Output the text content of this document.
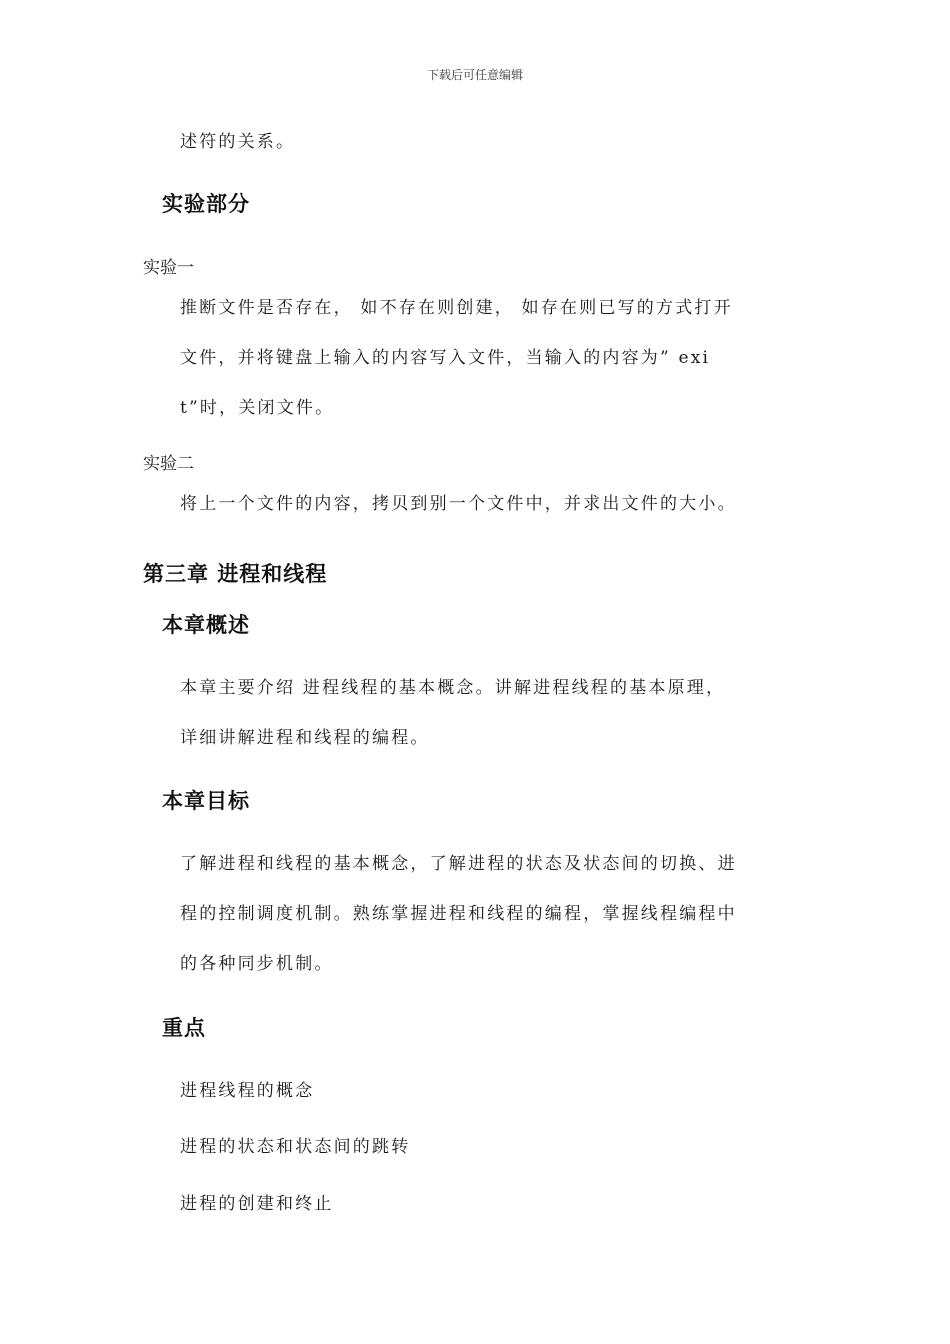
下载后可任意编辑
述符的关系。
实验部分
实验一
推断文件是否存在， 如不存在则创建， 如存在则已写的方式打开
文件，并将键盘上输入的内容写入文件，当输入的内容为” exi
t”时，关闭文件。
实验二
将上一个文件的内容，拷贝到别一个文件中，并求出文件的大小。
第三章 进程和线程
本章概述
本章主要介绍 进程线程的基本概念。讲解进程线程的基本原理，
详细讲解进程和线程的编程。
本章目标
了解进程和线程的基本概念，了解进程的状态及状态间的切换、进
程的控制调度机制。熟练掌握进程和线程的编程，掌握线程编程中
的各种同步机制。
重点
进程线程的概念
进程的状态和状态间的跳转
进程的创建和终止
